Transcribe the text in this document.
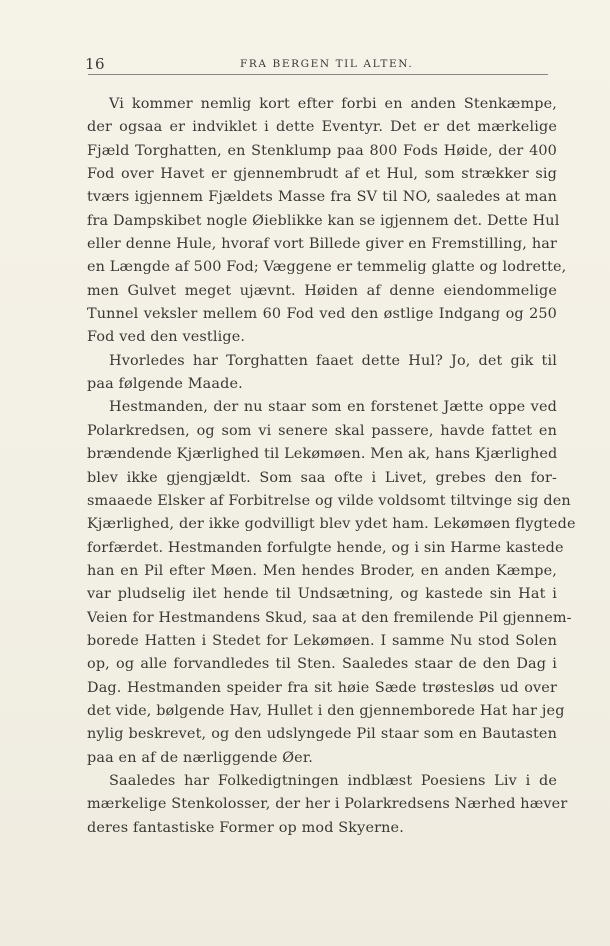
16	FRA BERGEN TIL ALTEN.
Vi kommer nemlig kort efter forbi en anden Stenkæmpe,
der ogsaa er indviklet i dette Eventyr. Det er det mærkelige
Fjæld Torghatten, en Stenklump paa 800 Fods Høide, der 400
Fod over Havet er gjennembrudt af et Hul, som strækker sig
tværs igjennem Fjældets Masse fra SV til NO, saaledes at man
fra Dampskibet nogle Øieblikke kan se igjennem det. Dette Hul
eller denne Hule, hvoraf vort Billede giver en Fremstilling, har
en Længde af 500 Fod; Væggene er temmelig glatte og lodrette,
men Gulvet meget ujævnt. Høiden af denne eiendommelige
Tunnel veksler mellem 60 Fod ved den østlige Indgang og 250
Fod ved den vestlige.
Hvorledes har Torghatten faaet dette Hul? Jo, det gik til
paa følgende Maade.
Hestmanden, der nu staar som en forstenet Jætte oppe ved
Polarkredsen, og som vi senere skal passere, havde fattet en
brændende Kjærlighed til Lekømøen. Men ak, hans Kjærlighed
blev ikke gjengjældt. Som saa ofte i Livet, grebes den for-
smaaede Elsker af Forbitrelse og vilde voldsomt tiltvinge sig den
Kjærlighed, der ikke godvilligt blev ydet ham. Lekømøen flygtede
forfærdet. Hestmanden forfulgte hende, og i sin Harme kastede
han en Pil efter Møen. Men hendes Broder, en anden Kæmpe,
var pludselig ilet hende til Undsætning, og kastede sin Hat i
Veien for Hestmandens Skud, saa at den fremilende Pil gjennem-
borede Hatten i Stedet for Lekømøen. I samme Nu stod Solen
op, og alle forvandledes til Sten. Saaledes staar de den Dag i
Dag. Hestmanden speider fra sit høie Sæde trøstesløs ud over
det vide, bølgende Hav, Hullet i den gjennemborede Hat har jeg
nylig beskrevet, og den udslyngede Pil staar som en Bautasten
paa en af de nærliggende Øer.
Saaledes har Folkedigtningen indblæst Poesiens Liv i de
mærkelige Stenkolosser, der her i Polarkredsens Nærhed hæver
deres fantastiske Former op mod Skyerne.
